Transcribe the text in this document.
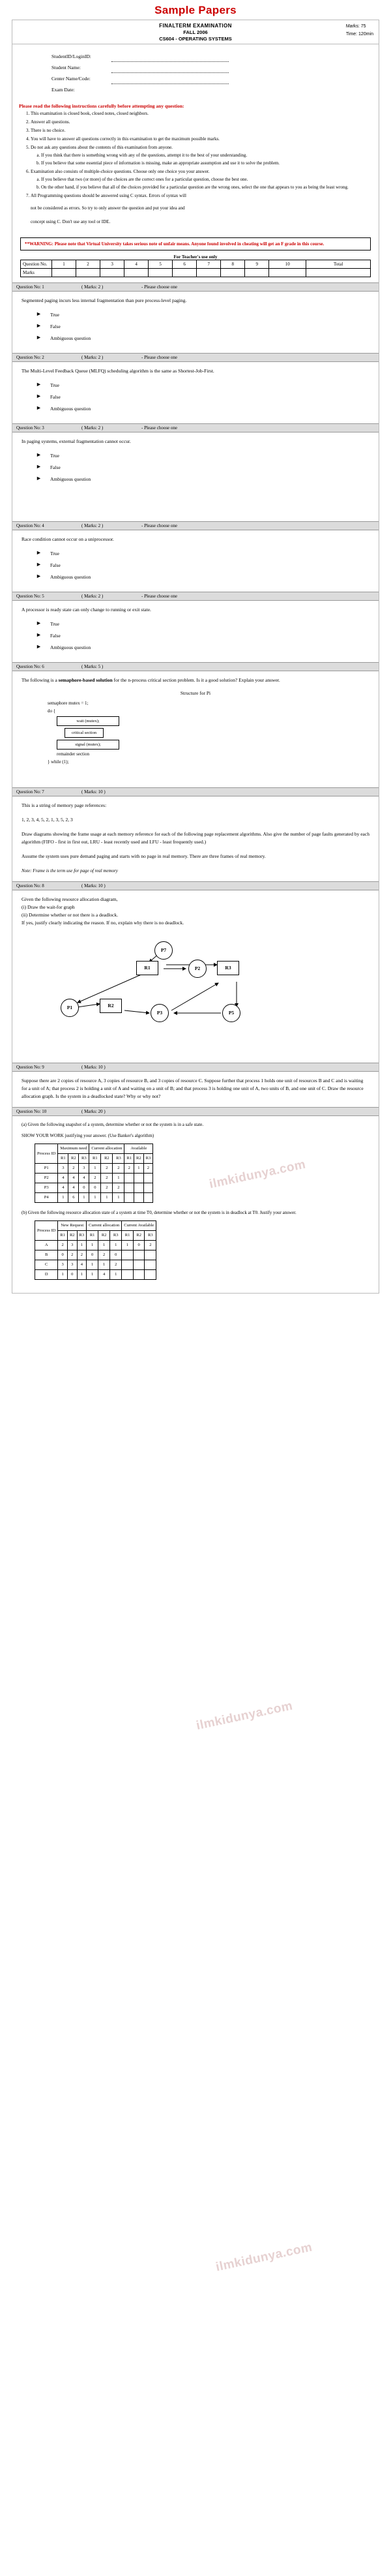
Sample Papers
FINALTERM EXAMINATION
FALL 2006
CS604 - OPERATING SYSTEMS
Marks: 75
Time: 120min
StudentID/LoginID:
Student Name:
Center Name/Code:
Exam Date:
Please read the following instructions carefully before attempting any question:
1. This examination is closed book, closed notes, closed neighbors.
2. Answer all questions.
3. There is no choice.
4. You will have to answer all questions correctly in this examination to get the maximum possible marks.
5. Do not ask any questions about the contents of this examination from anyone.
a. If you think that there is something wrong with any of the questions, attempt it to the best of your understanding.
b. If you believe that some essential piece of information is missing, make an appropriate assumption and use it to solve the problem.
6. Examination also consists of multiple-choice questions. Choose only one choice you your answer.
a. If you believe that two (or more) of the choices are the correct ones for a particular question, choose the best one.
b. On the other hand, if you believe that all of the choices provided for a particular question are the wrong ones, select the one that appears to you as being the least wrong.
7. All Programming questions should be answered using C syntax. Errors of syntax will
not be considered as errors. So try to only answer the question and put your idea and
concept using C. Don't use any tool or IDE.
**WARNING: Please note that Virtual University takes serious note of unfair means. Anyone found involved in cheating will get an F grade in this course.
For Teacher's use only
Question No.	1	2	3	4	5	6	7	8	9	10	Total
Marks											
Question No: 1	( Marks: 2 )	- Please choose one
Segmented paging incurs less internal fragmentation than pure process-level paging.
►	True
►	False
►	Ambiguous question
Question No: 2	( Marks: 2 )	- Please choose one
The Multi-Level Feedback Queue (MLFQ) scheduling algorithm is the same as Shortest-Job-First.
►	True
►	False
►	Ambiguous question
Question No: 3	( Marks: 2 )	- Please choose one
In paging systems, external fragmentation cannot occur.
►	True
►	False
►	Ambiguous question
Question No: 4	( Marks: 2 )	- Please choose one
Race condition cannot occur on a uniprocessor.
►	True
►	False
►	Ambiguous question
Question No: 5	( Marks: 2 )	- Please choose one
A processor is ready state can only change to running or exit state.
►	True
►	False
►	Ambiguous question
Question No: 6	( Marks: 5 )
The following is a semaphore-based solution for the n-process critical section problem. Is it a good solution? Explain your answer.
Structure for Pi
semaphore mutex = 1;
do {
wait (mutex);
critical section
signal (mutex);
remainder section
} while (1);
Question No: 7	( Marks: 10 )
This is a string of memory page references:
1, 2, 3, 4, 5, 2, 1, 3, 5, 2, 3
Draw diagrams showing the frame usage at each memory reference for each of the following page replacement algorithms. Also give the number of page faults generated by each algorithm (FIFO - first in first out, LRU - least recently used and LFU - least frequently used.)
Assume the system uses pure demand paging and starts with no page in real memory. There are three frames of real memory.
Note: Frame is the term use for page of real memory
Question No: 8	( Marks: 10 )
Given the following resource allocation diagram,
(i) Draw the wait-for graph
(ii) Determine whether or not there is a deadlock.
If yes, justify clearly indicating the reason. If no, explain why there is no deadlock.
P7
R1	R3
P1	R2
P3	P5
P2
Question No: 9	( Marks: 10 )
Suppose there are 2 copies of resource A, 3 copies of resource B, and 3 copies of resource C. Suppose further that process 1 holds one unit of resources B and C and is waiting for a unit of A; that process 2 is holding a unit of A and waiting on a unit of B; and that process 3 is holding one unit of A, two units of B, and one unit of C. Draw the resource allocation graph. Is the system in a deadlocked state? Why or why not?
Question No: 10	( Marks: 20 )
(a) Given the following snapshot of a system, determine whether or not the system is in a safe state.
SHOW YOUR WORK justifying your answer. (Use Banker's algorithm)
Process ID	Maximum need			Current allocation			Available		
	R1	R2	R3	R1	R2	R3	R1	R2	R3
P1	3	2	3	1	2	2	2	1	2
P2	4	4	4	2	2	1			
P3	4	4	0	0	2	2			
P4	1	6	1	1	1	1			
(b) Given the following resource allocation state of a system at time T0, determine whether or not the system is in deadlock at T0. Justify your answer.
Process ID	New Request			Current allocation			Current Available		
	R1	R2	R3	R1	R2	R3	R1	R2	R3
A	2	3	1	1	1	1	1	0	2
B	0	2	2	0	2	0			
C	3	3	4	1	1	2			
D	1	0	1	1	4	1			
ilmkidunya.com
ilmkidunya.com
ilmkidunya.com
